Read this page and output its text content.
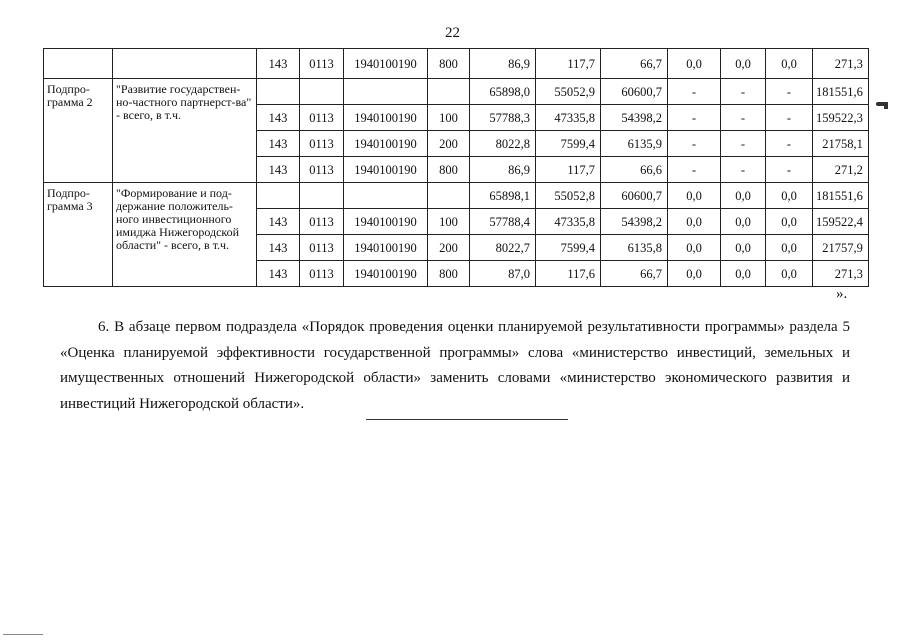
22
		143	0113	1940100190	800	86,9	117,7	66,7	0,0	0,0	0,0	271,3
Подпро-грамма 2	"Развитие государствен-но-частного партнерст-ва" - всего, в т.ч.					65898,0	55052,9	60600,7	-	-	-	181551,6
		143	0113	1940100190	100	57788,3	47335,8	54398,2	-	-	-	159522,3
		143	0113	1940100190	200	8022,8	7599,4	6135,9	-	-	-	21758,1
		143	0113	1940100190	800	86,9	117,7	66,6	-	-	-	271,2
Подпро-грамма 3	"Формирование и под-держание положитель-ного инвестиционного имиджа Нижегородской области" - всего, в т.ч.					65898,1	55052,8	60600,7	0,0	0,0	0,0	181551,6
		143	0113	1940100190	100	57788,4	47335,8	54398,2	0,0	0,0	0,0	159522,4
		143	0113	1940100190	200	8022,7	7599,4	6135,8	0,0	0,0	0,0	21757,9
		143	0113	1940100190	800	87,0	117,6	66,7	0,0	0,0	0,0	271,3
».

6. В абзаце первом подраздела «Порядок проведения оценки планируемой результативности программы» раздела 5 «Оценка планируемой эффективности государственной программы» слова «министерство инвестиций, земельных и имущественных отношений Нижегородской области» заменить словами «министерство экономического развития и инвестиций Нижегородской области».
